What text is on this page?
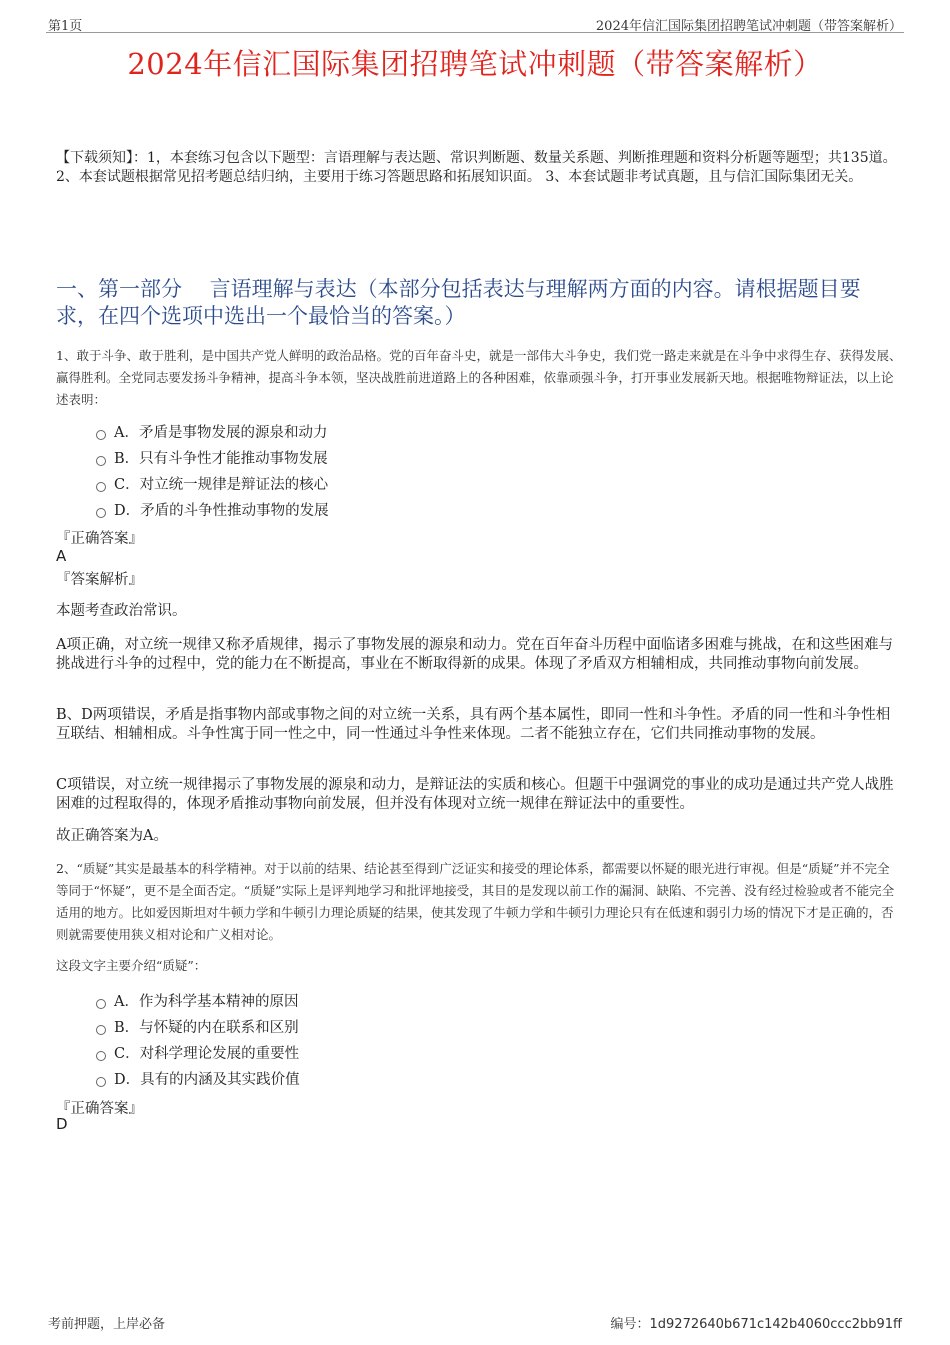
第1页	2024年信汇国际集团招聘笔试冲刺题（带答案解析）
2024年信汇国际集团招聘笔试冲刺题（带答案解析）
【下载须知】：1，本套练习包含以下题型：言语理解与表达题、常识判断题、数量关系题、判断推理题和资料分析题等题型；共135道。 2、本套试题根据常见招考题总结归纳，主要用于练习答题思路和拓展知识面。 3、本套试题非考试真题，且与信汇国际集团无关。
一、第一部分　 言语理解与表达（本部分包括表达与理解两方面的内容。请根据题目要求，在四个选项中选出一个最恰当的答案。）
1、敢于斗争、敢于胜利，是中国共产党人鲜明的政治品格。党的百年奋斗史，就是一部伟大斗争史，我们党一路走来就是在斗争中求得生存、获得发展、赢得胜利。全党同志要发扬斗争精神，提高斗争本领，坚决战胜前进道路上的各种困难，依靠顽强斗争，打开事业发展新天地。根据唯物辩证法，以上论述表明：
A．矛盾是事物发展的源泉和动力
B．只有斗争性才能推动事物发展
C．对立统一规律是辩证法的核心
D．矛盾的斗争性推动事物的发展
『正确答案』
A
『答案解析』
本题考查政治常识。
A项正确，对立统一规律又称矛盾规律，揭示了事物发展的源泉和动力。党在百年奋斗历程中面临诸多困难与挑战，在和这些困难与挑战进行斗争的过程中，党的能力在不断提高，事业在不断取得新的成果。体现了矛盾双方相辅相成，共同推动事物向前发展。
B、D两项错误，矛盾是指事物内部或事物之间的对立统一关系，具有两个基本属性，即同一性和斗争性。矛盾的同一性和斗争性相互联结、相辅相成。斗争性寓于同一性之中，同一性通过斗争性来体现。二者不能独立存在，它们共同推动事物的发展。
C项错误，对立统一规律揭示了事物发展的源泉和动力，是辩证法的实质和核心。但题干中强调党的事业的成功是通过共产党人战胜困难的过程取得的，体现矛盾推动事物向前发展，但并没有体现对立统一规律在辩证法中的重要性。
故正确答案为A。
2、“质疑”其实是最基本的科学精神。对于以前的结果、结论甚至得到广泛证实和接受的理论体系，都需要以怀疑的眼光进行审视。但是“质疑”并不完全等同于“怀疑”，更不是全面否定。“质疑”实际上是评判地学习和批评地接受，其目的是发现以前工作的漏洞、缺陷、不完善、没有经过检验或者不能完全适用的地方。比如爱因斯坦对牛顿力学和牛顿引力理论质疑的结果，使其发现了牛顿力学和牛顿引力理论只有在低速和弱引力场的情况下才是正确的，否则就需要使用狭义相对论和广义相对论。
这段文字主要介绍“质疑”：
A．作为科学基本精神的原因
B．与怀疑的内在联系和区别
C．对科学理论发展的重要性
D．具有的内涵及其实践价值
『正确答案』
D
考前押题，上岸必备	编号：1d9272640b671c142b4060ccc2bb91ff
